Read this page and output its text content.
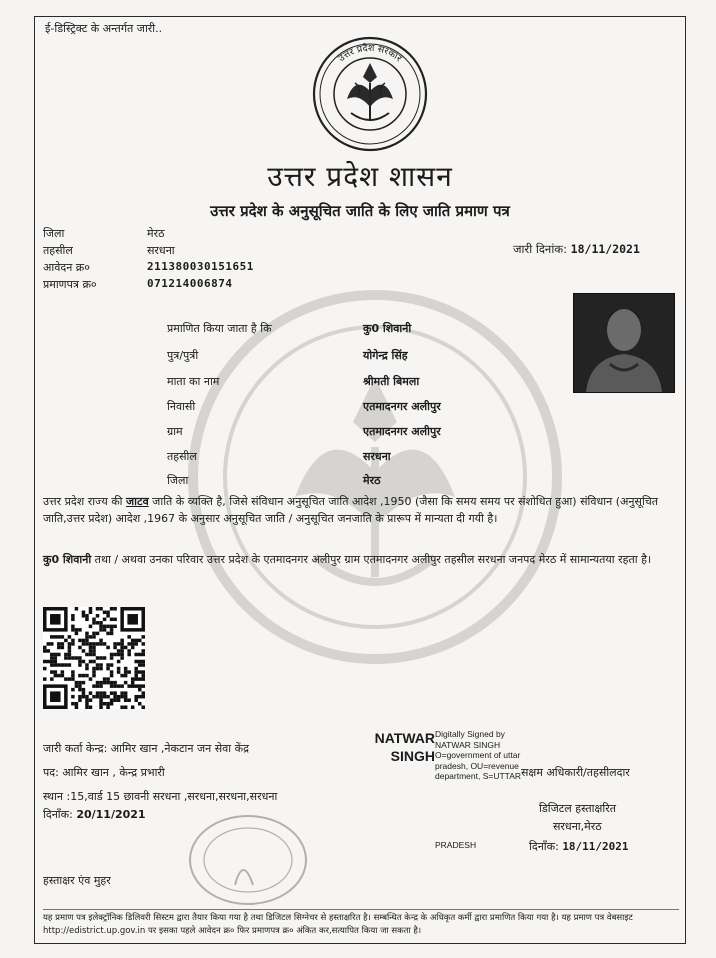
ई-डिस्ट्रिक्ट के अन्तर्गत जारी..
उत्तर प्रदेश सरकार
उत्तर प्रदेश शासन
उत्तर प्रदेश के अनुसूचित जाति के लिए जाति प्रमाण पत्र
जिला	मेरठ
तहसील	सरधना
आवेदन क्र०	211380030151651
प्रमाणपत्र क्र०	071214006874
जारी दिनांक: 18/11/2021
प्रमाणित किया जाता है कि	कु0 शिवानी
पुत्र/पुत्री	योगेन्द्र सिंह
माता का नाम	श्रीमती बिमला
निवासी	एतमादनगर अलीपुर
ग्राम	एतमादनगर अलीपुर
तहसील	सरधना
जिला	मेरठ
उत्तर प्रदेश राज्य की जाटव जाति के व्यक्ति है, जिसे संविधान अनुसूचित जाति आदेश ,1950 (जैसा कि समय समय पर संशोधित हुआ) संविधान (अनुसूचित जाति,उत्तर प्रदेश) आदेश ,1967 के अनुसार अनुसूचित जाति / अनुसूचित जनजाति के प्रारूप में मान्यता दी गयी है।
कु0 शिवानी तथा / अथवा उनका परिवार उत्तर प्रदेश के एतमादनगर अलीपुर ग्राम एतमादनगर अलीपुर तहसील सरधना जनपद मेरठ में सामान्यतया रहता है।
जारी कर्ता केन्द्र: आमिर खान ,नेकटान जन सेवा केंद्र
पद: आमिर खान , केन्द्र प्रभारी
स्थान :15,वार्ड 15 छावनी सरधना ,सरधना,सरधना,सरधना
दिनाँक: 20/11/2021
हस्ताक्षर एंव मुहर
NATWAR
SINGH
Digitally Signed by NATWAR SINGH O=government of uttar pradesh, OU=revenue department, S=UTTAR
PRADESH
सक्षम अधिकारी/तहसीलदार
डिजिटल हस्ताक्षरित
सरधना,मेरठ
दिनाँक: 18/11/2021
यह प्रमाण पत्र इलेक्ट्रॉनिक डिलिवरी सिस्टम द्वारा तैयार किया गया है तथा डिजिटल सिग्नेचर से हस्ताक्षरित है। सम्बन्धित केन्द्र के अधिकृत कर्मी द्वारा प्रमाणित किया गया है। यह प्रमाण पत्र वेबसाइट http://edistrict.up.gov.in पर इसका पहले आवेदन क्र० फिर प्रमाणपत्र क्र० अंकित कर,सत्यापित किया जा सकता है।
